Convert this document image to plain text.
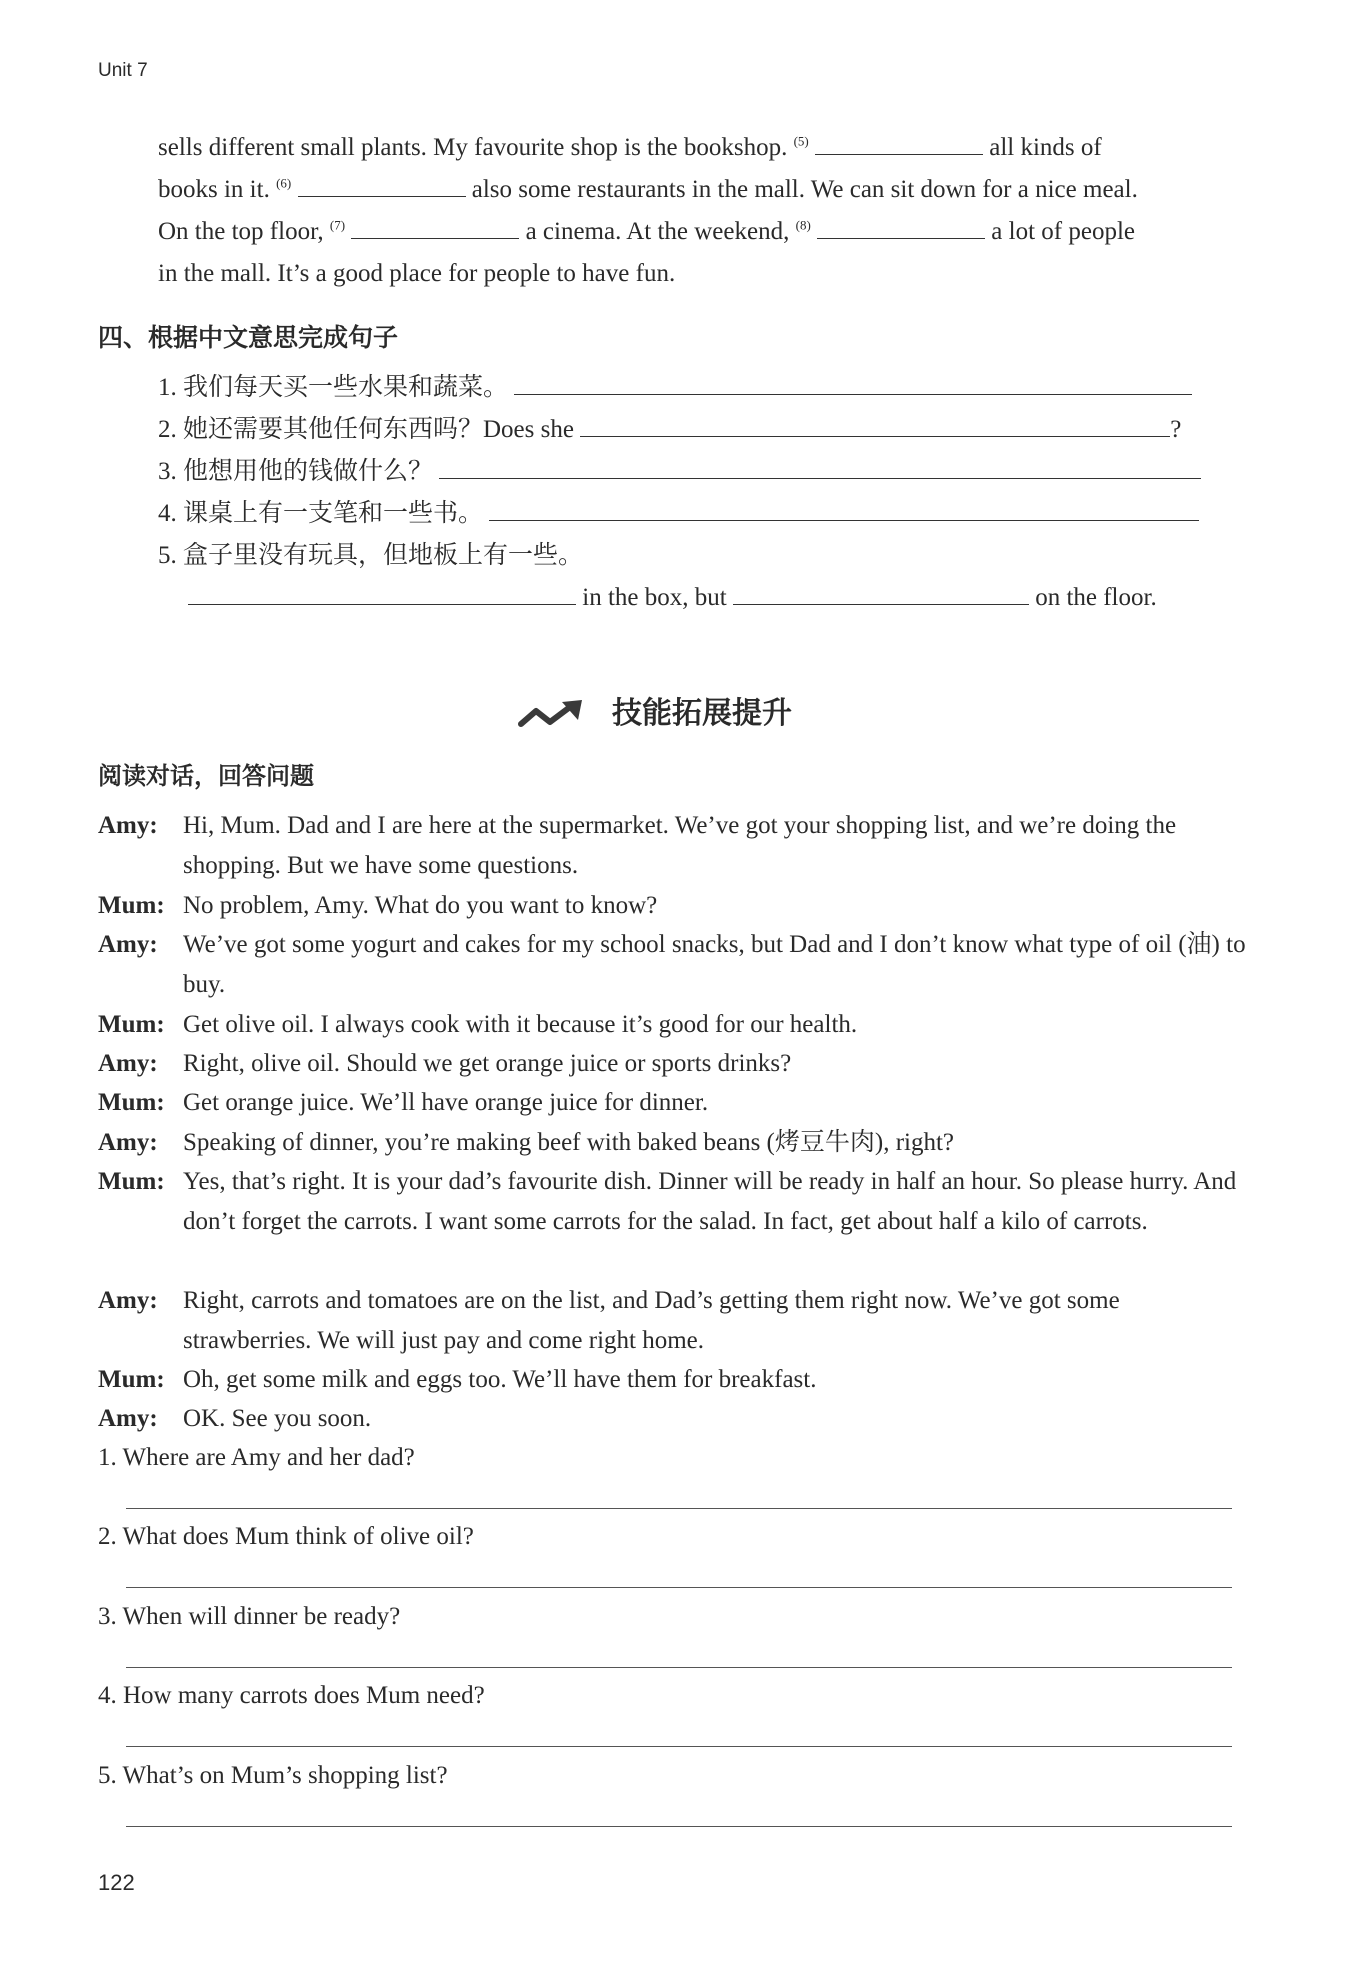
Unit 7
sells different small plants. My favourite shop is the bookshop. $^{(5)}$	all kinds of
books in it. $^{(6)}$	also some restaurants in the mall. We can sit down for a nice meal.
On the top floor, $^{(7)}$	a cinema. At the weekend, $^{(8)}$	a lot of people
in the mall. It’s a good place for people to have fun.
四、根据中文意思完成句子
1. 我们每天买一些水果和蔬菜。
2. 她还需要其他任何东西吗？Does she	?
3. 他想用他的钱做什么？
4. 课桌上有一支笔和一些书。
5. 盒子里没有玩具，但地板上有一些。
in the box, but	on the floor.
技能拓展提升
阅读对话，回答问题
Amy: Hi, Mum. Dad and I are here at the supermarket. We’ve got your shopping list, and we’re doing the shopping. But we have some questions.
Mum: No problem, Amy. What do you want to know?
Amy: We’ve got some yogurt and cakes for my school snacks, but Dad and I don’t know what type of oil (油) to buy.
Mum: Get olive oil. I always cook with it because it’s good for our health.
Amy: Right, olive oil. Should we get orange juice or sports drinks?
Mum: Get orange juice. We’ll have orange juice for dinner.
Amy: Speaking of dinner, you’re making beef with baked beans (烤豆牛肉), right?
Mum: Yes, that’s right. It is your dad’s favourite dish. Dinner will be ready in half an hour. So please hurry. And don’t forget the carrots. I want some carrots for the salad. In fact, get about half a kilo of carrots.
Amy: Right, carrots and tomatoes are on the list, and Dad’s getting them right now. We’ve got some strawberries. We will just pay and come right home.
Mum: Oh, get some milk and eggs too. We’ll have them for breakfast.
Amy: OK. See you soon.
1. Where are Amy and her dad?
2. What does Mum think of olive oil?
3. When will dinner be ready?
4. How many carrots does Mum need?
5. What’s on Mum’s shopping list?
122
